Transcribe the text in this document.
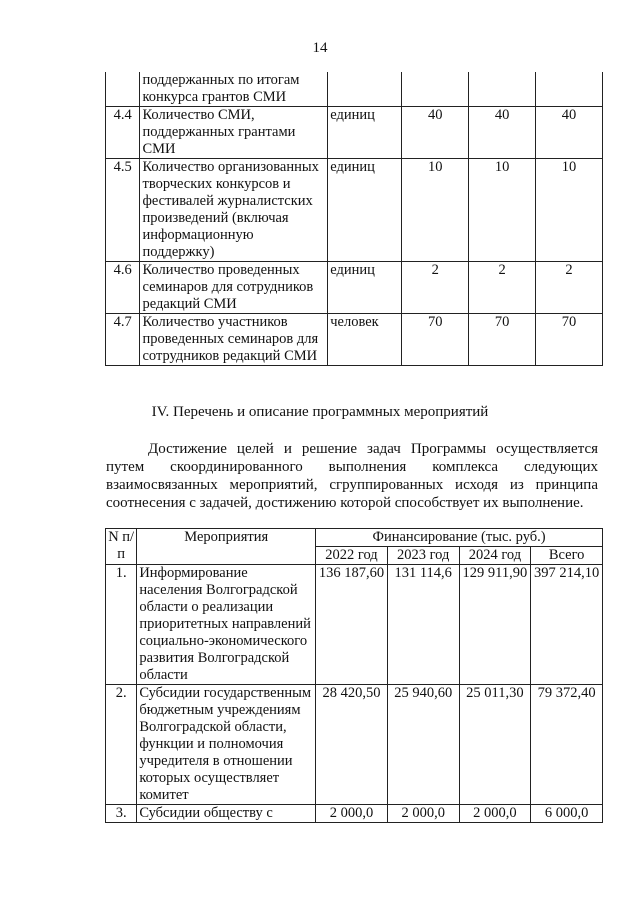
14
	поддержанных по итогам конкурса грантов СМИ				
4.4	Количество СМИ, поддержанных грантами СМИ	единиц	40	40	40
4.5	Количество организованных творческих конкурсов и фестивалей журналистских произведений (включая информационную поддержку)	единиц	10	10	10
4.6	Количество проведенных семинаров для сотрудников редакций СМИ	единиц	2	2	2
4.7	Количество участников проведенных семинаров для сотрудников редакций СМИ	человек	70	70	70
IV. Перечень и описание программных мероприятий

Достижение целей и решение задач Программы осуществляется

путем скоординированного выполнения комплекса следующих

взаимосвязанных мероприятий, сгруппированных исходя из принципа

соотнесения с задачей, достижению которой способствует их выполнение.

N п/п	Мероприятия	Финансирование (тыс. руб.)			
		2022 год	2023 год	2024 год	Всего
1.	Информирование населения Волгоградской области о реализации приоритетных направлений социально-экономического развития Волгоградской области	136 187,60	131 114,6	129 911,90	397 214,10
2.	Субсидии государственным бюджетным учреждениям Волгоградской области, функции и полномочия учредителя в отношении которых осуществляет комитет	28 420,50	25 940,60	25 011,30	79 372,40
3.	Субсидии обществу с	2 000,0	2 000,0	2 000,0	6 000,0
